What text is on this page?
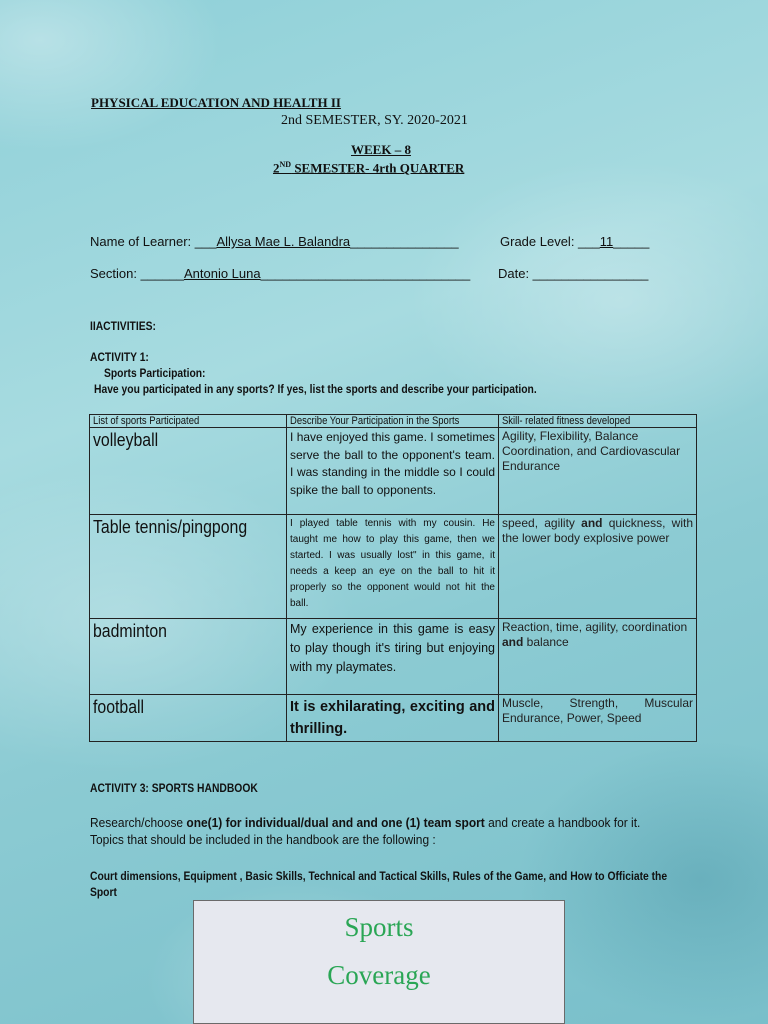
PHYSICAL EDUCATION AND HEALTH II
2nd SEMESTER, SY. 2020-2021
WEEK – 8
2ND SEMESTER- 4rth QUARTER
Name of Learner: ___Allysa Mae L. Balandra_______________	Grade Level: ___11_____
Section: ______Antonio Luna_____________________________ Date: ________________
IIACTIVITIES:
ACTIVITY 1:
Sports Participation:
Have you participated in any sports? If yes, list the sports and describe your participation.
List of sports Participated	Describe Your Participation in the Sports	Skill- related fitness developed

volleyball	I have enjoyed this game. I sometimes serve the ball to the opponent's team. I was standing in the middle so I could spike the ball to opponents.	Agility, Flexibility, Balance Coordination, and Cardiovascular Endurance

Table tennis/pingpong	I played table tennis with my cousin. He taught me how to play this game, then we started. I was usually lost" in this game, it needs a keep an eye on the ball to hit it properly so the opponent would not hit the ball.	speed, agility and quickness, with the lower body explosive power

badminton	My experience in this game is easy to play though it's tiring but enjoying with my playmates.	Reaction, time, agility, coordination and balance

football	It is exhilarating, exciting and thrilling.	Muscle, Strength, Muscular Endurance, Power, Speed
ACTIVITY 3: SPORTS HANDBOOK
Research/choose one(1) for individual/dual and and one (1) team sport and create a handbook for it.
Topics that should be included in the handbook are the following :
Court dimensions, Equipment , Basic Skills, Technical and Tactical Skills, Rules of the Game, and How to Officiate the Sport
Sports
Coverage
